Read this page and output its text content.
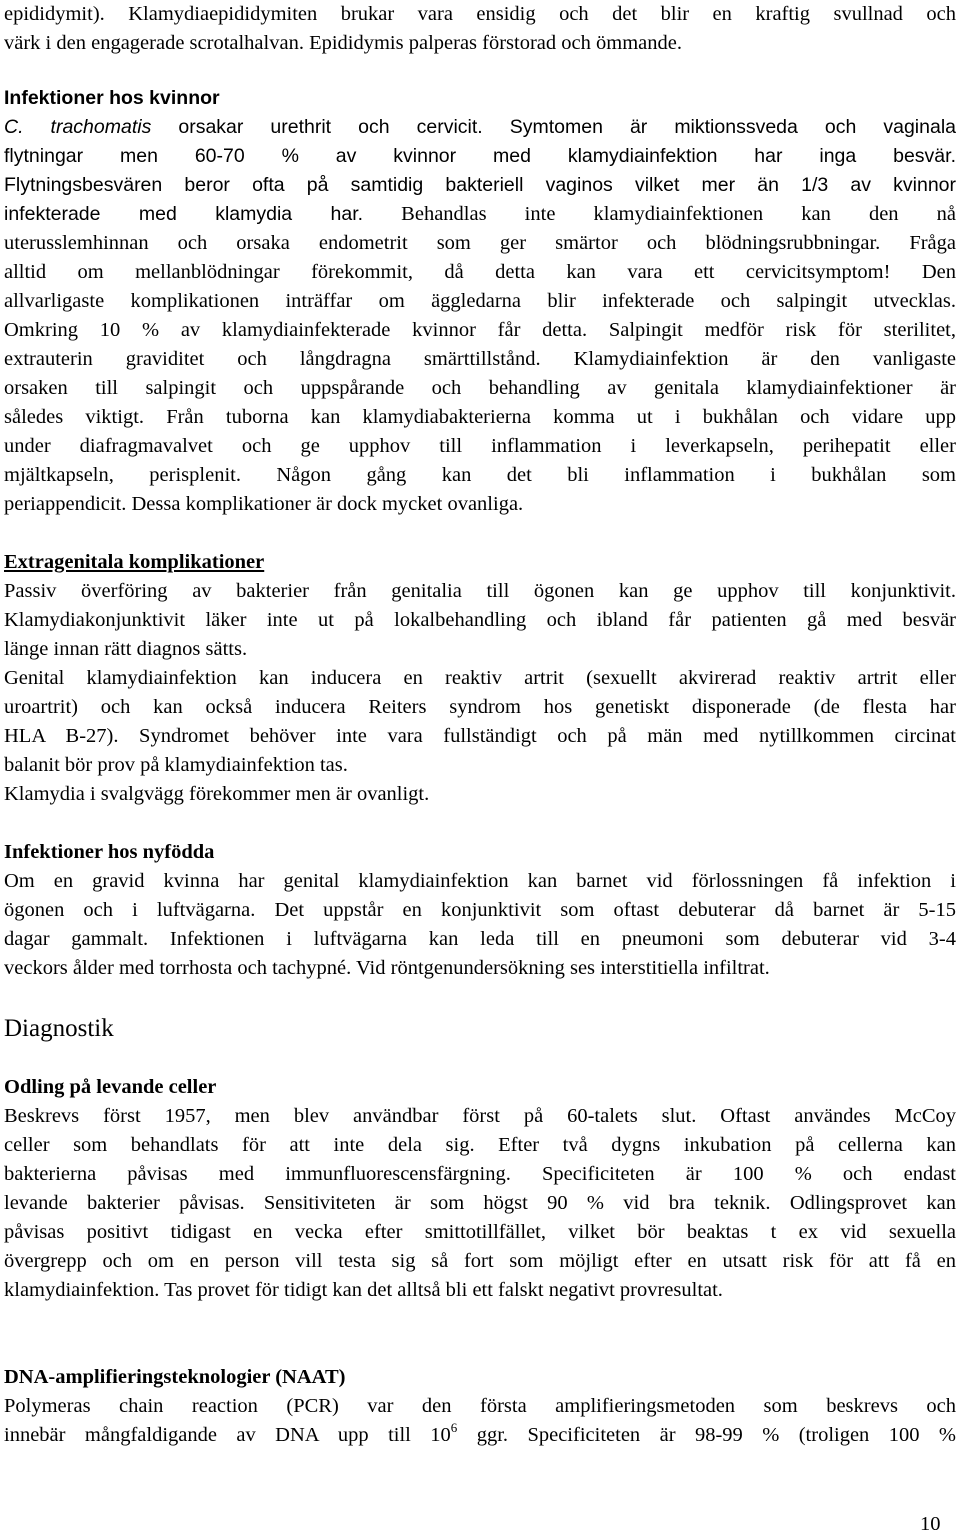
epididymit). Klamydiaepididymiten brukar vara ensidig och det blir en kraftig svullnad och
värk i den engagerade scrotalhalvan. Epididymis palperas förstorad och ömmande.
Infektioner hos kvinnor
C. trachomatis orsakar urethrit och cervicit. Symtomen är miktionssveda och vaginala
flytningar men 60-70 % av kvinnor med klamydiainfektion har inga besvär.
Flytningsbesvären beror ofta på samtidig bakteriell vaginos vilket mer än 1/3 av kvinnor
infekterade med klamydia har. Behandlas inte klamydiainfektionen kan den nå
uterusslemhinnan och orsaka endometrit som ger smärtor och blödningsrubbningar. Fråga
alltid om mellanblödningar förekommit, då detta kan vara ett cervicitsymptom! Den
allvarligaste komplikationen inträffar om äggledarna blir infekterade och salpingit utvecklas.
Omkring 10 % av klamydiainfekterade kvinnor får detta. Salpingit medför risk för sterilitet,
extrauterin graviditet och långdragna smärttillstånd. Klamydiainfektion är den vanligaste
orsaken till salpingit och uppspårande och behandling av genitala klamydiainfektioner är
således viktigt. Från tuborna kan klamydiabakterierna komma ut i bukhålan och vidare upp
under diafragmavalvet och ge upphov till inflammation i leverkapseln, perihepatit eller
mjältkapseln, perisplenit. Någon gång kan det bli inflammation i bukhålan som
periappendicit. Dessa komplikationer är dock mycket ovanliga.
Extragenitala komplikationer
Passiv överföring av bakterier från genitalia till ögonen kan ge upphov till konjunktivit.
Klamydiakonjunktivit läker inte ut på lokalbehandling och ibland får patienten gå med besvär
länge innan rätt diagnos sätts.
Genital klamydiainfektion kan inducera en reaktiv artrit (sexuellt akvirerad reaktiv artrit eller
uroartrit) och kan också inducera Reiters syndrom hos genetiskt disponerade (de flesta har
HLA B-27). Syndromet behöver inte vara fullständigt och på män med nytillkommen circinat
balanit bör prov på klamydiainfektion tas.
Klamydia i svalgvägg förekommer men är ovanligt.
Infektioner hos nyfödda
Om en gravid kvinna har genital klamydiainfektion kan barnet vid förlossningen få infektion i
ögonen och i luftvägarna. Det uppstår en konjunktivit som oftast debuterar då barnet är 5-15
dagar gammalt. Infektionen i luftvägarna kan leda till en pneumoni som debuterar vid 3-4
veckors ålder med torrhosta och tachypné. Vid röntgenundersökning ses interstitiella infiltrat.
Diagnostik
Odling på levande celler
Beskrevs först 1957, men blev användbar först på 60-talets slut. Oftast användes McCoy
celler som behandlats för att inte dela sig. Efter två dygns inkubation på cellerna kan
bakterierna påvisas med immunfluorescensfärgning. Specificiteten är 100 % och endast
levande bakterier påvisas. Sensitiviteten är som högst 90 % vid bra teknik. Odlingsprovet kan
påvisas positivt tidigast en vecka efter smittotillfället, vilket bör beaktas t ex vid sexuella
övergrepp och om en person vill testa sig så fort som möjligt efter en utsatt risk för att få en
klamydiainfektion. Tas provet för tidigt kan det alltså bli ett falskt negativt provresultat.
DNA-amplifieringsteknologier (NAAT)
Polymeras chain reaction (PCR) var den första amplifieringsmetoden som beskrevs och
innebär mångfaldigande av DNA upp till $10^6$ ggr. Specificiteten är 98-99 % (troligen 100 %
10
